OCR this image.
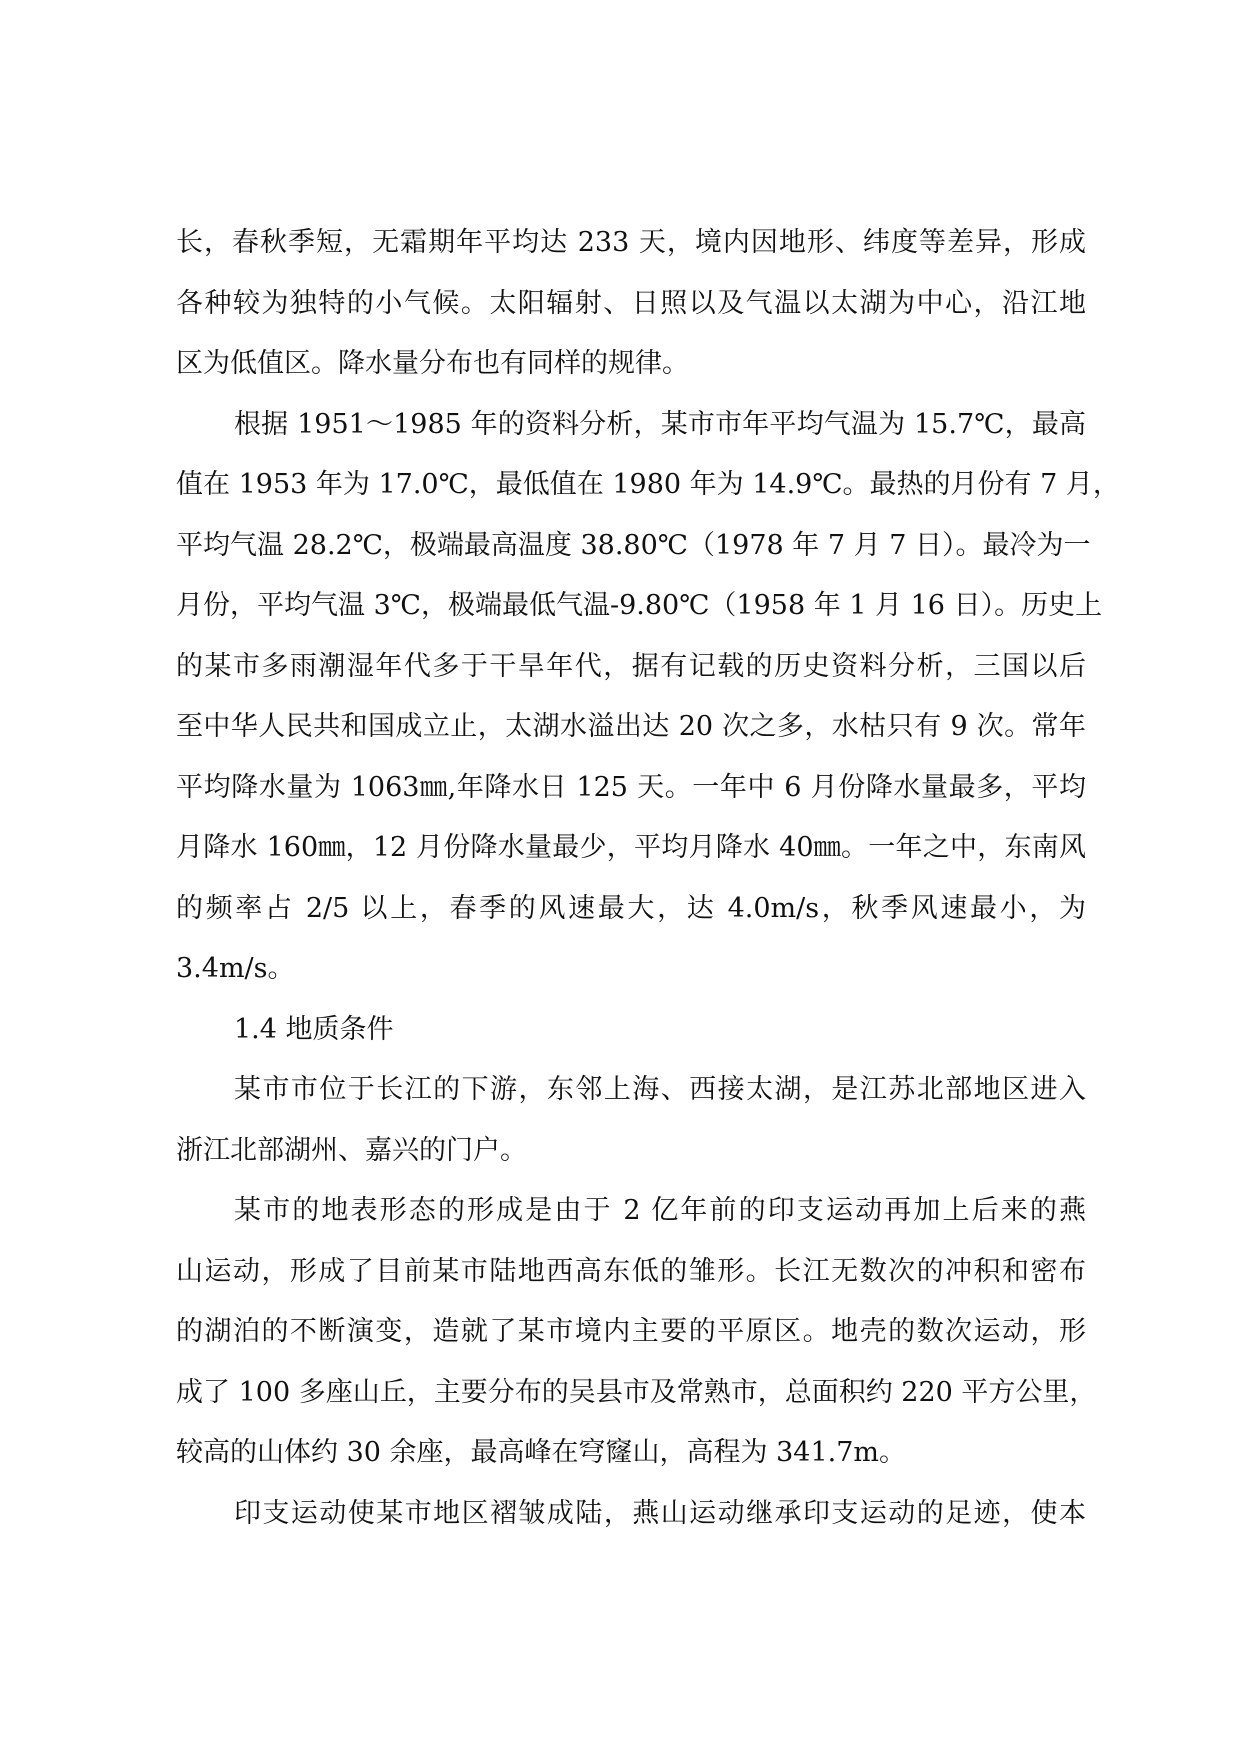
长，春秋季短，无霜期年平均达 233 天，境内因地形、纬度等差异，形成
各种较为独特的小气候。太阳辐射、日照以及气温以太湖为中心，沿江地
区为低值区。降水量分布也有同样的规律。
根据 1951～1985 年的资料分析，某市市年平均气温为 15.7℃，最高
值在 1953 年为 17.0℃，最低值在 1980 年为 14.9℃。最热的月份有 7 月，
平均气温 28.2℃，极端最高温度 38.80℃（1978 年 7 月 7 日）。最冷为一
月份，平均气温 3℃，极端最低气温-9.80℃（1958 年 1 月 16 日）。历史上
的某市多雨潮湿年代多于干旱年代，据有记载的历史资料分析，三国以后
至中华人民共和国成立止，太湖水溢出达 20 次之多，水枯只有 9 次。常年
平均降水量为 1063㎜,年降水日 125 天。一年中 6 月份降水量最多，平均
月降水 160㎜，12 月份降水量最少，平均月降水 40㎜。一年之中，东南风
的频率占 2/5 以上，春季的风速最大，达 4.0m/s，秋季风速最小，为
3.4m/s。
1.4 地质条件
某市市位于长江的下游，东邻上海、西接太湖，是江苏北部地区进入
浙江北部湖州、嘉兴的门户。
某市的地表形态的形成是由于 2 亿年前的印支运动再加上后来的燕
山运动，形成了目前某市陆地西高东低的雏形。长江无数次的冲积和密布
的湖泊的不断演变，造就了某市境内主要的平原区。地壳的数次运动，形
成了 100 多座山丘，主要分布的吴县市及常熟市，总面积约 220 平方公里，
较高的山体约 30 余座，最高峰在穹窿山，高程为 341.7m。
印支运动使某市地区褶皱成陆，燕山运动继承印支运动的足迹，使本
